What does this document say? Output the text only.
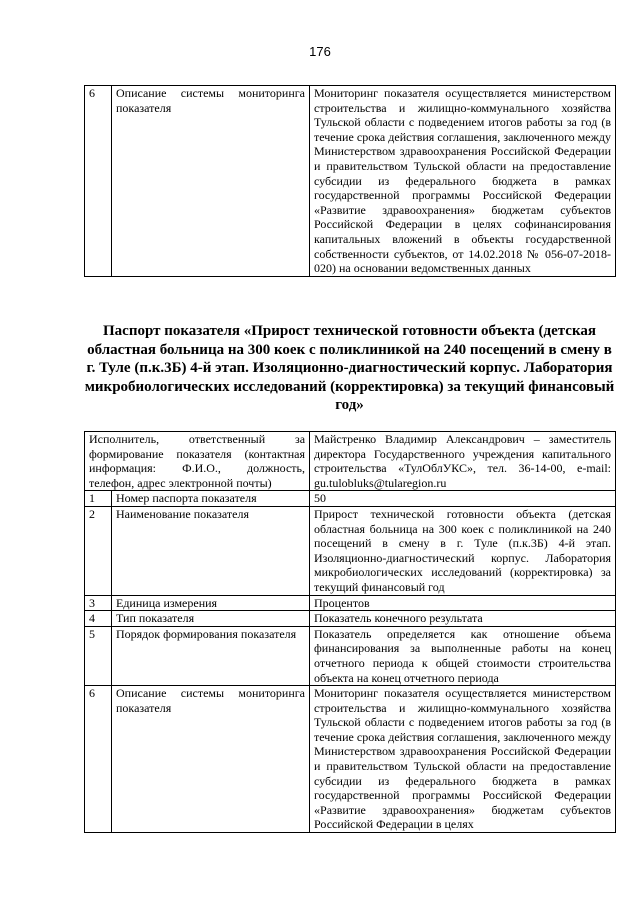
176
6	Описание системы мониторинга показателя	Мониторинг показателя осуществляется министерством строительства и жилищно-коммунального хозяйства Тульской области с подведением итогов работы за год (в течение срока действия соглашения, заключенного между Министерством здравоохранения Российской Федерации и правительством Тульской области на предоставление субсидии из федерального бюджета в рамках государственной программы Российской Федерации «Развитие здравоохранения» бюджетам субъектов Российской Федерации в целях софинансирования капитальных вложений в объекты государственной собственности субъектов, от 14.02.2018 № 056-07-2018-020) на основании ведомственных данных
Паспорт показателя «Прирост технической готовности объекта (детская областная больница на 300 коек с поликлиникой на 240 посещений в смену в г. Туле (п.к.3Б) 4-й этап. Изоляционно-диагностический корпус. Лаборатория микробиологических исследований (корректировка) за текущий финансовый год»
Исполнитель, ответственный за формирование показателя (контактная информация: Ф.И.О., должность, телефон, адрес электронной почты)		Майстренко Владимир Александрович – заместитель директора Государственного учреждения капитального строительства «ТулОблУКС», тел. 36-14-00, e-mail: gu.tulobluks@tularegion.ru
1	Номер паспорта показателя	50
2	Наименование показателя	Прирост технической готовности объекта (детская областная больница на 300 коек с поликлиникой на 240 посещений в смену в г. Туле (п.к.3Б) 4-й этап. Изоляционно-диагностический корпус. Лаборатория микробиологических исследований (корректировка) за текущий финансовый год
3	Единица измерения	Процентов
4	Тип показателя	Показатель конечного результата
5	Порядок формирования показателя	Показатель определяется как отношение объема финансирования за выполненные работы на конец отчетного периода к общей стоимости строительства объекта на конец отчетного периода
6	Описание системы мониторинга показателя	Мониторинг показателя осуществляется министерством строительства и жилищно-коммунального хозяйства Тульской области с подведением итогов работы за год (в течение срока действия соглашения, заключенного между Министерством здравоохранения Российской Федерации и правительством Тульской области на предоставление субсидии из федерального бюджета в рамках государственной программы Российской Федерации «Развитие здравоохранения» бюджетам субъектов Российской Федерации в целях
